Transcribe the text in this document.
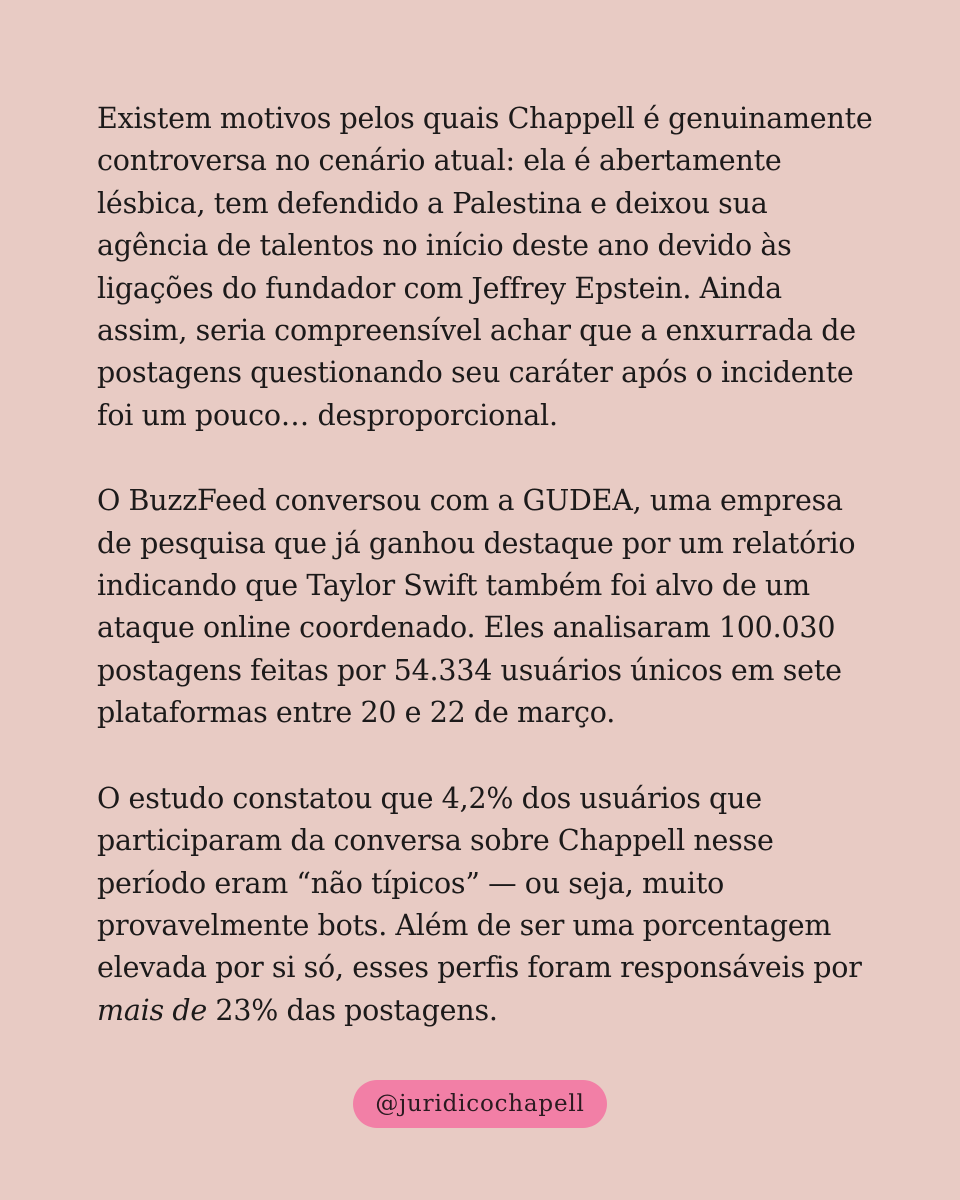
Existem motivos pelos quais Chappell é genuinamente controversa no cenário atual: ela é abertamente lésbica, tem defendido a Palestina e deixou sua agência de talentos no início deste ano devido às ligações do fundador com Jeffrey Epstein. Ainda assim, seria compreensível achar que a enxurrada de postagens questionando seu caráter após o incidente foi um pouco… desproporcional.

O BuzzFeed conversou com a GUDEA, uma empresa de pesquisa que já ganhou destaque por um relatório indicando que Taylor Swift também foi alvo de um ataque online coordenado. Eles analisaram 100.030 postagens feitas por 54.334 usuários únicos em sete plataformas entre 20 e 22 de março.

O estudo constatou que 4,2% dos usuários que participaram da conversa sobre Chappell nesse período eram “não típicos” — ou seja, muito provavelmente bots. Além de ser uma porcentagem elevada por si só, esses perfis foram responsáveis por mais de 23% das postagens.

@juridicochapell
